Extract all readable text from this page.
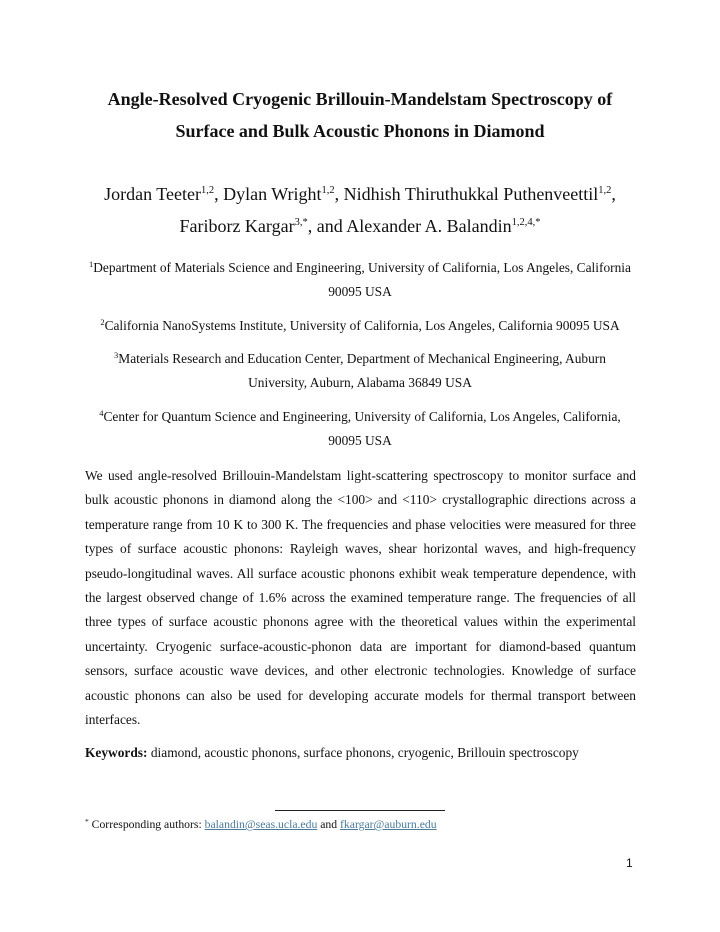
Angle-Resolved Cryogenic Brillouin-Mandelstam Spectroscopy of
Surface and Bulk Acoustic Phonons in Diamond
Jordan Teeter$^{1,2}$, Dylan Wright$^{1,2}$, Nidhish Thiruthukkal Puthenveettil$^{1,2}$,
Fariborz Kargar$^{3,*}$, and Alexander A. Balandin$^{1,2,4,*}$
$^1$Department of Materials Science and Engineering, University of California, Los Angeles, California 90095 USA
$^2$California NanoSystems Institute, University of California, Los Angeles, California 90095 USA
$^3$Materials Research and Education Center, Department of Mechanical Engineering, Auburn University, Auburn, Alabama 36849 USA
$^4$Center for Quantum Science and Engineering, University of California, Los Angeles, California, 90095 USA
We used angle-resolved Brillouin-Mandelstam light-scattering spectroscopy to monitor surface and bulk acoustic phonons in diamond along the <100> and <110> crystallographic directions across a temperature range from 10 K to 300 K. The frequencies and phase velocities were measured for three types of surface acoustic phonons: Rayleigh waves, shear horizontal waves, and high-frequency pseudo-longitudinal waves. All surface acoustic phonons exhibit weak temperature dependence, with the largest observed change of 1.6% across the examined temperature range. The frequencies of all three types of surface acoustic phonons agree with the theoretical values within the experimental uncertainty. Cryogenic surface-acoustic-phonon data are important for diamond-based quantum sensors, surface acoustic wave devices, and other electronic technologies. Knowledge of surface acoustic phonons can also be used for developing accurate models for thermal transport between interfaces.
Keywords: diamond, acoustic phonons, surface phonons, cryogenic, Brillouin spectroscopy
* Corresponding authors: balandin@seas.ucla.edu and fkargar@auburn.edu
1
